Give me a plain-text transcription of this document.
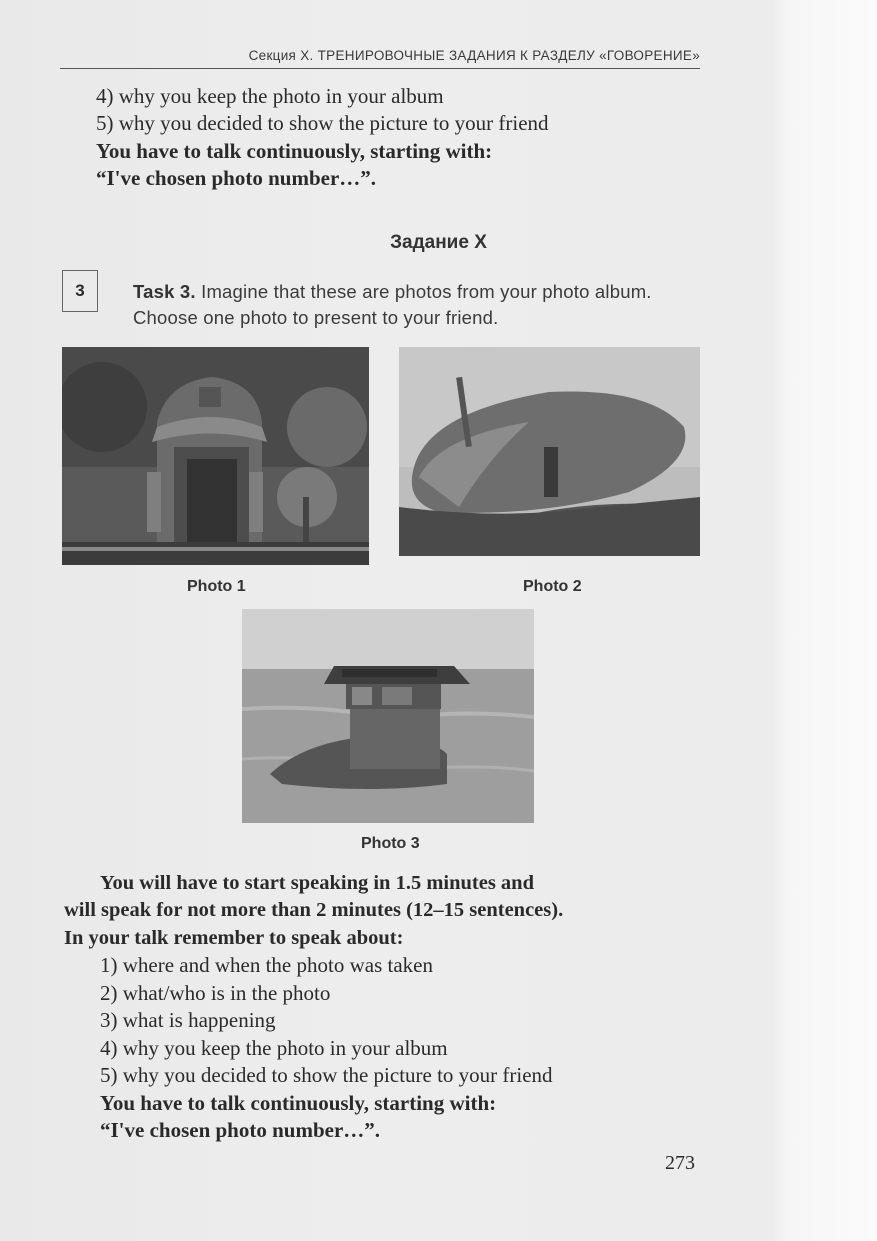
Секция X. ТРЕНИРОВОЧНЫЕ ЗАДАНИЯ К РАЗДЕЛУ «ГОВОРЕНИЕ»
4) why you keep the photo in your album
5) why you decided to show the picture to your friend
You have to talk continuously, starting with:
“I've chosen photo number…”.
Задание X
3	Task 3. Imagine that these are photos from your photo album. Choose one photo to present to your friend.
Photo 1	Photo 2
Photo 3
You will have to start speaking in 1.5 minutes and
will speak for not more than 2 minutes (12–15 sentences).
In your talk remember to speak about:
1) where and when the photo was taken
2) what/who is in the photo
3) what is happening
4) why you keep the photo in your album
5) why you decided to show the picture to your friend
You have to talk continuously, starting with:
“I've chosen photo number…”.
273
